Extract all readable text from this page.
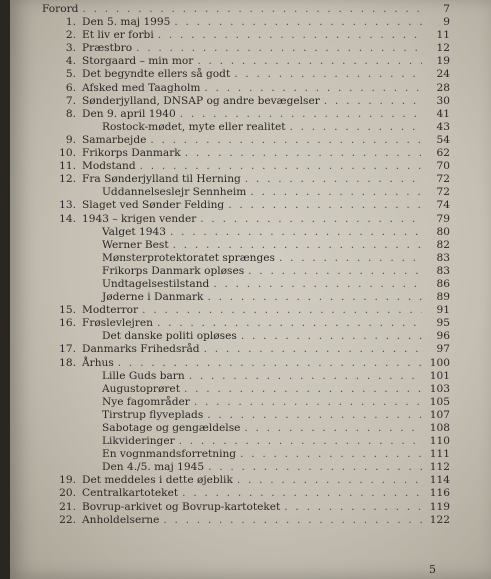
Forord . . .	7
1. Den 5. maj 1995 . . .	9
2. Et liv er forbi . . .	11
3. Præstbro . . .	12
4. Storgaard – min mor . . .	19
5. Det begyndte ellers så godt . . .	24
6. Afsked med Taagholm . . .	28
7. Sønderjylland, DNSAP og andre bevægelser . . .	30
8. Den 9. april 1940 . . .	41
Rostock-mødet, myte eller realitet . . .	43
9. Samarbejde . . .	54
10. Frikorps Danmark . . .	62
11. Modstand . . .	70
12. Fra Sønderjylland til Herning . . .	72
Uddannelseslejr Sennheim . . .	72
13. Slaget ved Sønder Felding . . .	74
14. 1943 – krigen vender . . .	79
Valget 1943 . . .	80
Werner Best . . .	82
Mønsterprotektoratet sprænges . . .	83
Frikorps Danmark opløses . . .	83
Undtagelsestilstand . . .	86
Jøderne i Danmark . . .	89
15. Modterror . . .	91
16. Frøslevlejren . . .	95
Det danske politi opløses . . .	96
17. Danmarks Frihedsråd . . .	97
18. Århus . . .	100
Lille Guds barn . . .	101
Augustoprøret . . .	103
Nye fagområder . . .	105
Tirstrup flyveplads . . .	107
Sabotage og gengældelse . . .	108
Likvideringer . . .	110
En vognmandsforretning . . .	111
Den 4./5. maj 1945 . . .	112
19. Det meddeles i dette øjeblik . . .	114
20. Centralkartoteket . . .	116
21. Bovrup-arkivet og Bovrup-kartoteket . . .	119
22. Anholdelserne . . .	122
5
